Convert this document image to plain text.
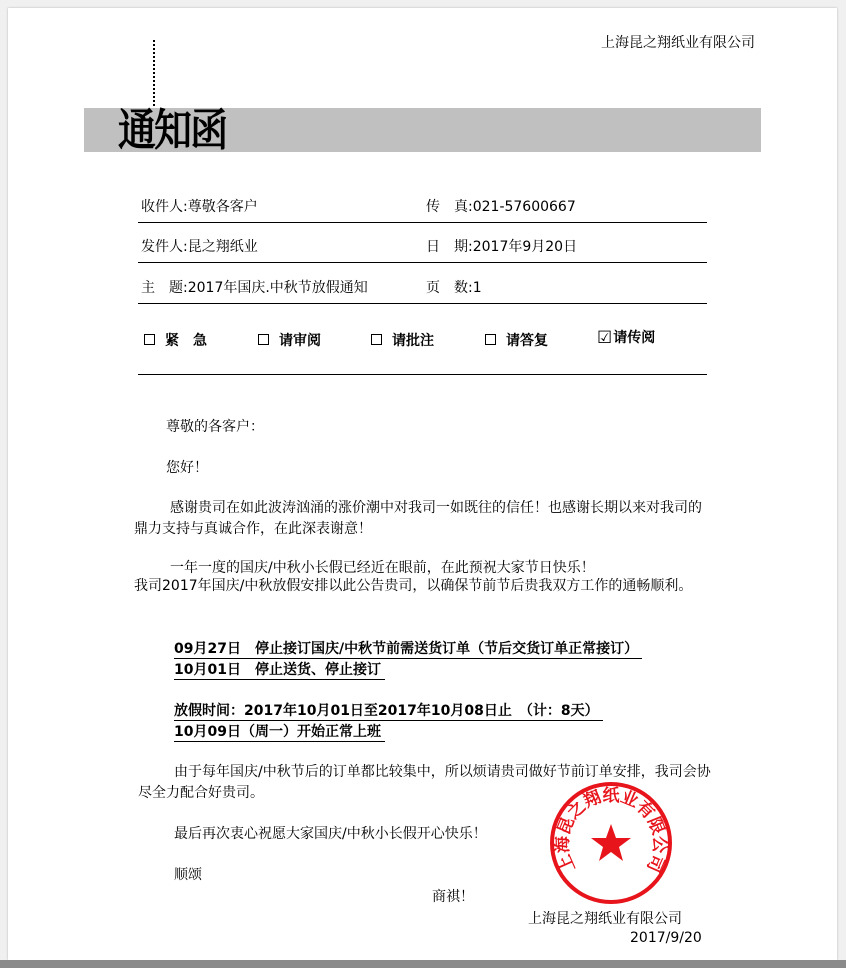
上海昆之翔纸业有限公司
通知函
收件人:尊敬各客户	传　真:021-57600667
发件人:昆之翔纸业	日　期:2017年9月20日
主　题:2017年国庆.中秋节放假通知	页　数:1
紧　急	请审阅	请批注	请答复	☑请传阅
尊敬的各客户：
您好！
感谢贵司在如此波涛汹涌的涨价潮中对我司一如既往的信任！也感谢长期以来对我司的鼎力支持与真诚合作，在此深表谢意！
一年一度的国庆/中秋小长假已经近在眼前，在此预祝大家节日快乐！
我司2017年国庆/中秋放假安排以此公告贵司，以确保节前节后贵我双方工作的通畅顺利。
09月27日　停止接订国庆/中秋节前需送货订单（节后交货订单正常接订）
10月01日　停止送货、停止接订
放假时间：2017年10月01日至2017年10月08日止　（计：8天）
10月09日（周一）开始正常上班
由于每年国庆/中秋节后的订单都比较集中，所以烦请贵司做好节前订单安排，我司会协尽全力配合好贵司。
最后再次衷心祝愿大家国庆/中秋小长假开心快乐！
顺颂
商祺！
上海昆之翔纸业有限公司
2017/9/20
上海昆之翔纸业有限公司
